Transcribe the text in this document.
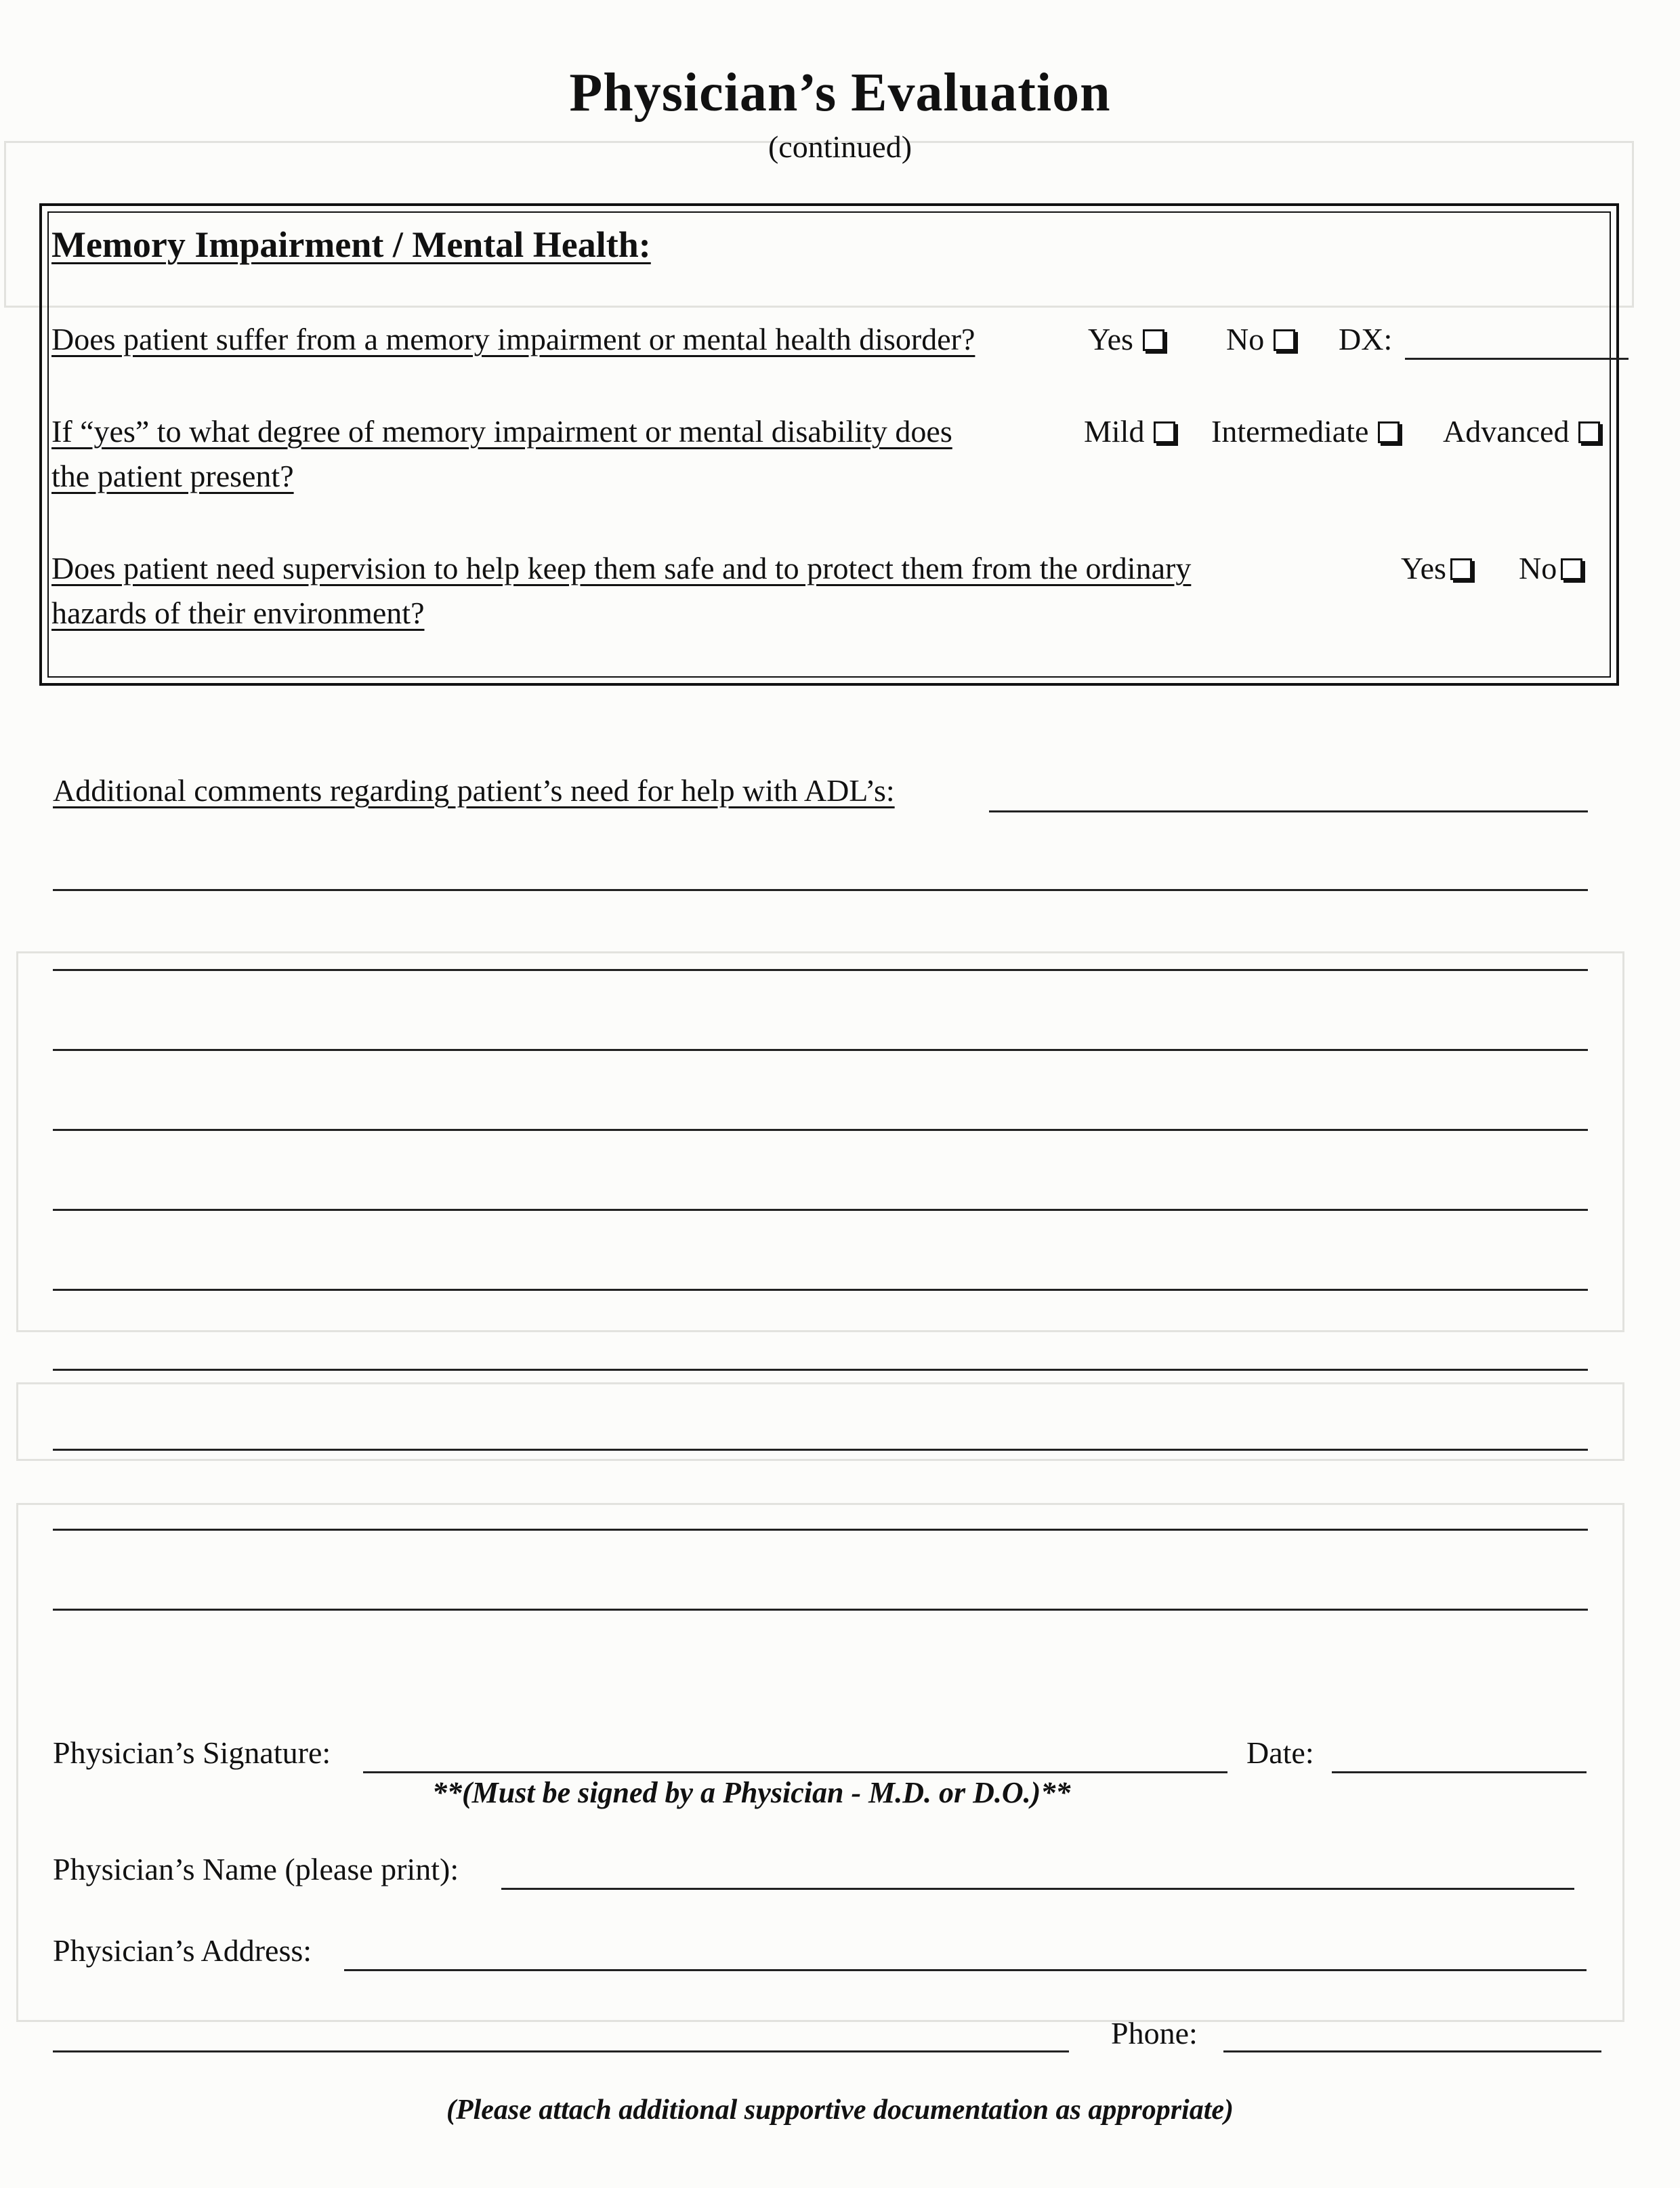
Physician’s Evaluation
(continued)
Memory Impairment / Mental Health:
Does patient suffer from a memory impairment or mental health disorder?	Yes	No	DX:
If “yes” to what degree of memory impairment or mental disability does
the patient present?
Mild	Intermediate	Advanced
Does patient need supervision to help keep them safe and to protect them from the ordinary
hazards of their environment?
Yes	No
Additional comments regarding patient’s need for help with ADL’s:
Physician’s Signature:	Date:
**(Must be signed by a Physician - M.D. or D.O.)**
Physician’s Name (please print):
Physician’s Address:
Phone:
(Please attach additional supportive documentation as appropriate)
